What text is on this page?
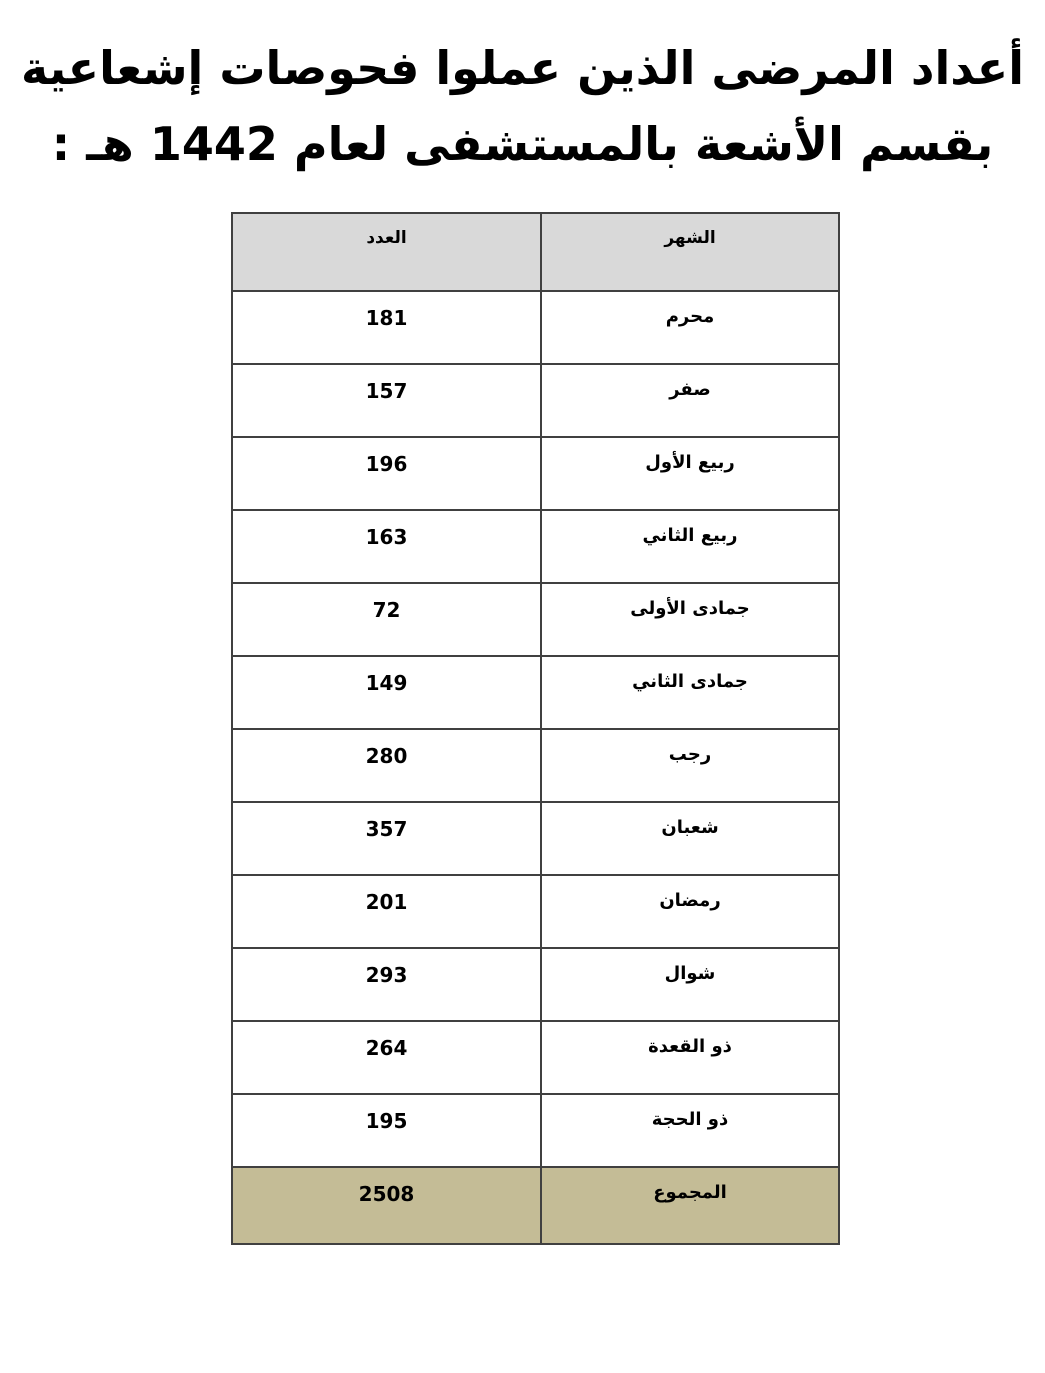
أعداد المرضى الذين عملوا فحوصات إشعاعية
بقسم الأشعة بالمستشفى لعام 1442 هـ :
الشهر	العدد
محرم	181
صفر	157
ربيع الأول	196
ربيع الثاني	163
جمادى الأولى	72
جمادى الثاني	149
رجب	280
شعبان	357
رمضان	201
شوال	293
ذو القعدة	264
ذو الحجة	195
المجموع	2508
